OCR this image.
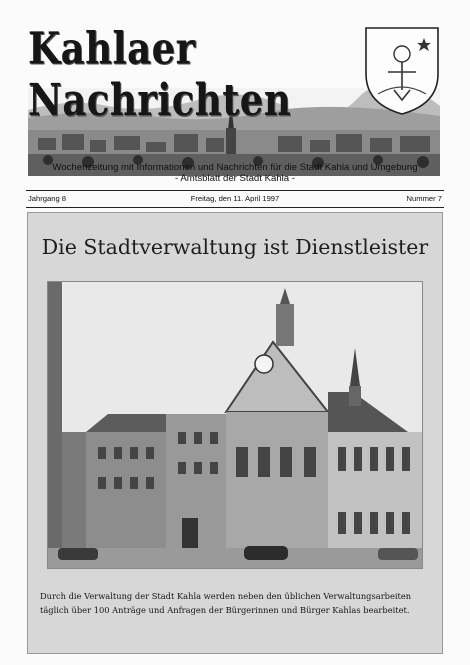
Kahlaer Nachrichten
Wochenzeitung mit Informationen und Nachrichten für die Stadt Kahla und Umgebung
- Amtsblatt der Stadt Kahla -
Freitag, den 11. April 1997
Jahrgang 8	Nummer 7
Die Stadtverwaltung ist Dienstleister
Durch die Verwaltung der Stadt Kahla werden neben den üblichen Verwaltungsarbeiten
täglich über 100 Anträge und Anfragen der Bürgerinnen und Bürger Kahlas bearbeitet.
